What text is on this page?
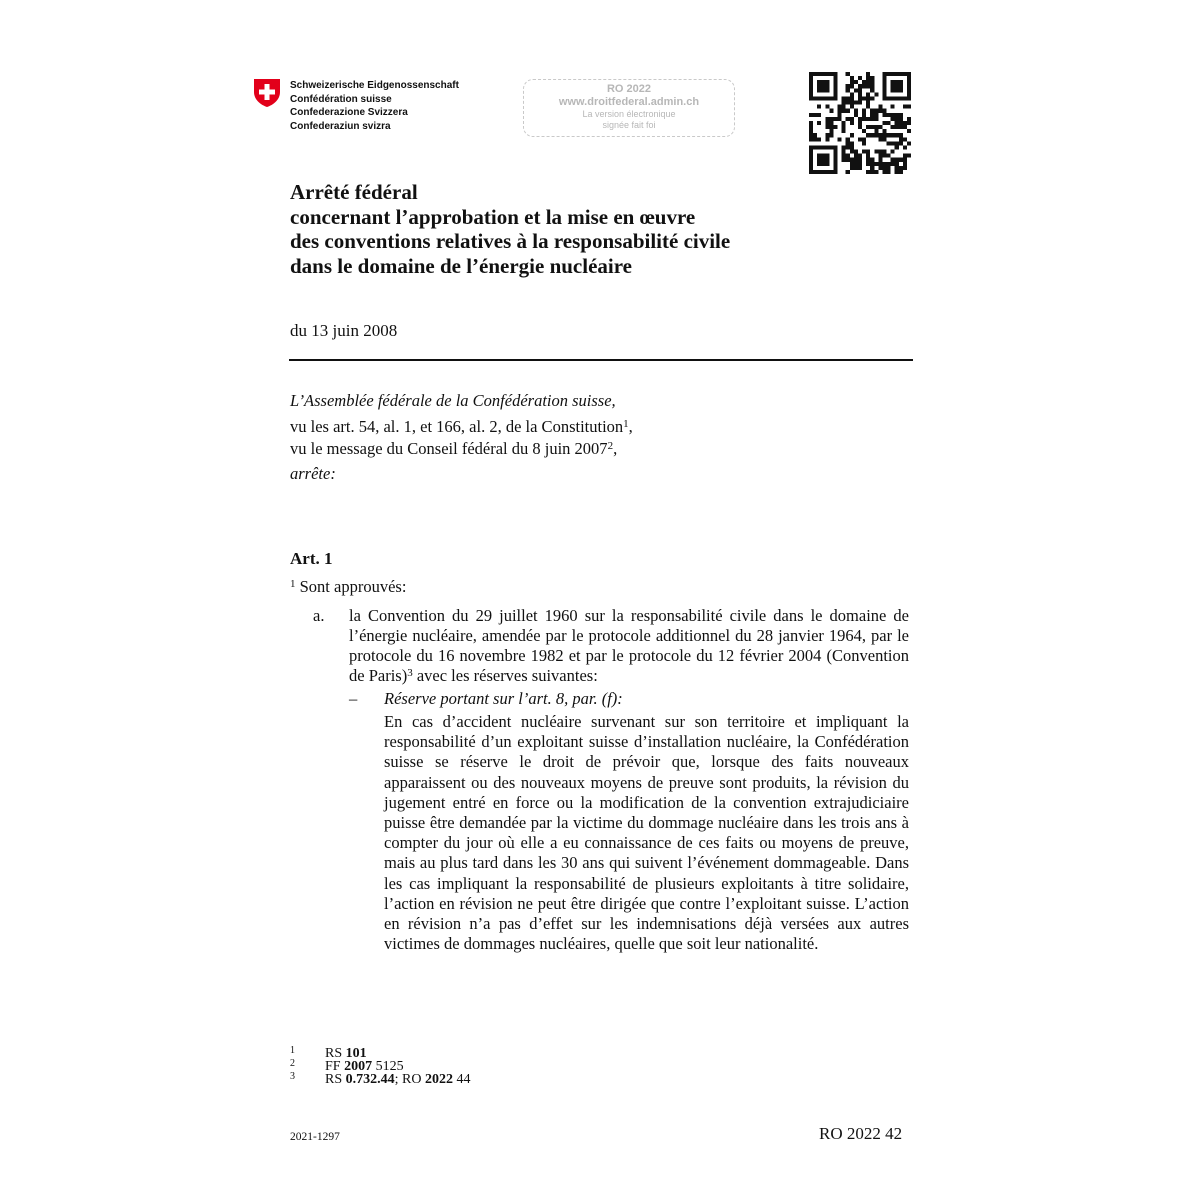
Schweizerische Eidgenossenschaft
Confédération suisse
Confederazione Svizzera
Confederaziun svizra
RO 2022
www.droitfederal.admin.ch
La version électronique
signée fait foi
Arrêté fédéral
concernant l’approbation et la mise en œuvre
des conventions relatives à la responsabilité civile
dans le domaine de l’énergie nucléaire
du 13 juin 2008
L’Assemblée fédérale de la Confédération suisse,
vu les art. 54, al. 1, et 166, al. 2, de la Constitution$^1$,
vu le message du Conseil fédéral du 8 juin 2007$^2$,
arrête:
Art. 1
$^1$ Sont approuvés:
a. la Convention du 29 juillet 1960 sur la responsabilité civile dans le domaine de l’énergie nucléaire, amendée par le protocole additionnel du 28 janvier 1964, par le protocole du 16 novembre 1982 et par le protocole du 12 février 2004 (Convention de Paris)$^3$ avec les réserves suivantes:
– Réserve portant sur l’art. 8, par. (f):
En cas d’accident nucléaire survenant sur son territoire et impliquant la responsabilité d’un exploitant suisse d’installation nucléaire, la Confédération suisse se réserve le droit de prévoir que, lorsque des faits nouveaux apparaissent ou des nouveaux moyens de preuve sont produits, la révision du jugement entré en force ou la modification de la convention extrajudiciaire puisse être demandée par la victime du dommage nucléaire dans les trois ans à compter du jour où elle a eu connaissance de ces faits ou moyens de preuve, mais au plus tard dans les 30 ans qui suivent l’événement dommageable. Dans les cas impliquant la responsabilité de plusieurs exploitants à titre solidaire, l’action en révision ne peut être dirigée que contre l’exploitant suisse. L’action en révision n’a pas d’effet sur les indemnisations déjà versées aux autres victimes de dommages nucléaires, quelle que soit leur nationalité.
1 RS 101
2 FF 2007 5125
3 RS 0.732.44; RO 2022 44
2021-1297	RO 2022 42
